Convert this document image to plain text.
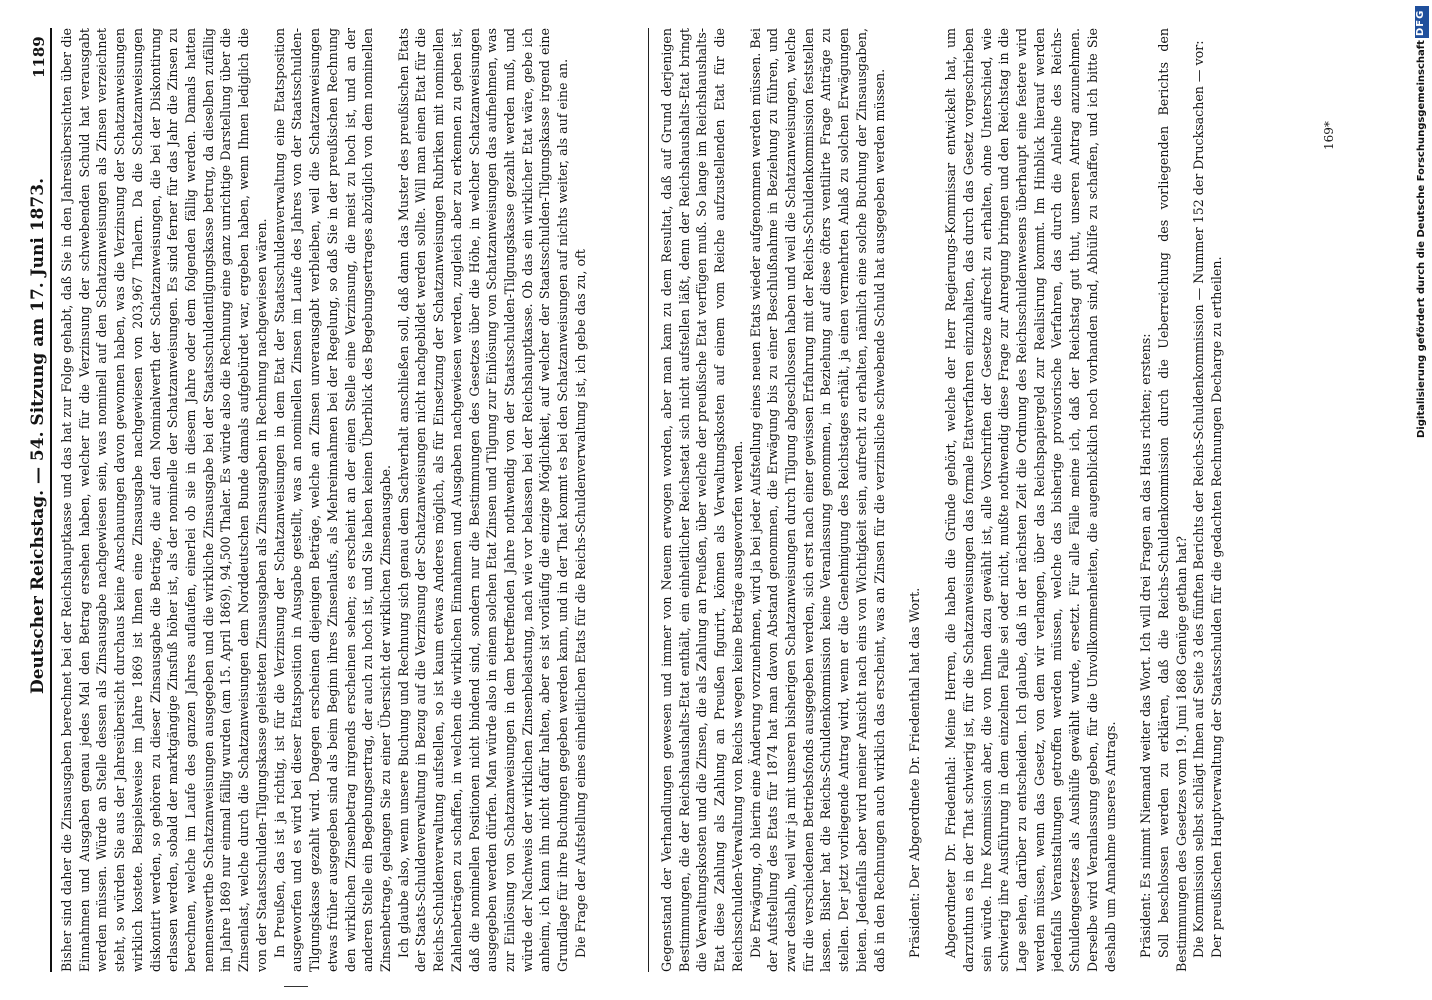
Deutscher Reichstag. — 54. Sitzung am 17. Juni 1873.
1189 Bisher sind daher die Zinsausgaben berechnet bei der Reichshauptkasse und das hat zur Folge gehabt, daß Sie in den Jahresübersichten über die Einnahmen und Ausgaben genau jedes Mal den Betrag ersehen haben, welcher für die Verzinsung der schwebenden Schuld hat verausgabt werden müssen. Würde an Stelle dessen als Zinsausgabe nachgewiesen sein, was nominell auf den Schatzanweisungen als Zinsen verzeichnet steht, so würden Sie aus der Jahresübersicht durchaus keine Anschauungen davon gewonnen haben, was die Verzinsung der Schatzanweisungen wirklich kostete. Beispielsweise im Jahre 1869 ist Ihnen eine Zinsausgabe nachgewiesen von 203,967 Thalern. Da die Schatzanweisungen diskontirt werden, so gehören zu dieser Zinsausgabe die Beträge, die auf den Nominalwerth der Schatzanweisungen, die bei der Diskontirung erlassen werden, sobald der marktgängige Zinsfuß höher ist, als der nominelle der Schatzanweisungen. Es sind ferner für das Jahr die Zinsen zu berechnen, welche im Laufe des ganzen Jahres auflaufen, einerlei ob sie in diesem Jahre oder dem folgenden fällig werden. Damals hatten nennenswerthe Schatzanweisungen ausgegeben und die wirkliche Zinsausgabe bei der Staatsschuldentilgungskasse betrug, da dieselben zufällig im Jahre 1869 nur einmal fällig wurden (am 15. April 1869), 94,500 Thaler. Es würde also die Rechnung eine ganz unrichtige Darstellung über die Zinsenlast, welche durch die Schatzanweisungen dem Norddeutschen Bunde damals aufgebürdet war, ergeben haben, wenn Ihnen lediglich die von der Staatsschulden-Tilgungskasse geleisteten Zinsausgaben als Zinsausgaben in Rechnung nachgewiesen wären. In Preußen, das ist ja richtig, ist für die Verzinsung der Schatzanweisungen in dem Etat der Staatsschuldenverwaltung eine Etatsposition ausgeworfen und es wird bei dieser Etatsposition in Ausgabe gestellt, was an nominellen Zinsen im Laufe des Jahres von der Staatsschulden-Tilgungskasse gezahlt wird. Dagegen erscheinen diejenigen Beträge, welche an Zinsen unverausgabt verbleiben, weil die Schatzanweisungen etwas früher ausgegeben sind als beim Beginn ihres Zinsenlaufs, als Mehreinnahmen bei der Regelung, so daß Sie in der preußischen Rechnung den wirklichen Zinsenbetrag nirgends erscheinen sehen; es erscheint an der einen Stelle eine Verzinsung, die meist zu hoch ist, und an der anderen Stelle ein Begebungsertrag, der auch zu hoch ist, und Sie haben keinen Überblick des Begebungsertrages abzüglich von dem nominellen Zinsenbetrage, gelangen Sie zu einer Übersicht der wirklichen Zinsenausgabe. Ich glaube also, wenn unsere Buchung und Rechnung sich genau dem Sachverhalt anschließen soll, daß dann das Muster des preußischen Etats der Staats-Schuldenverwaltung in Bezug auf die Verzinsung der Schatzanweisungen nicht nachgebildet werden sollte. Will man einen Etat für die Reichs-Schuldenverwaltung aufstellen, so ist kaum etwas Anderes möglich, als für Einsetzung der Schatzanweisungen Rubriken mit nominellen Zahlenbeträgen zu schaffen, in welchen die wirklichen Einnahmen und Ausgaben nachgewiesen werden, zugleich aber zu erkennen zu geben ist, daß die nominellen Positionen nicht bindend sind, sondern nur die Bestimmungen des Gesetzes über die Höhe, in welcher Schatzanweisungen ausgegeben werden dürfen. Man würde also in einem solchen Etat Zinsen und Tilgung zur Einlösung von Schatzanweisungen das aufnehmen, was zur Einlösung von Schatzanweisungen in dem betreffenden Jahre nothwendig von der Staatsschulden-Tilgungskasse gezahlt werden muß, und würde der Nachweis der wirklichen Zinsenbelastung, nach wie vor belassen bei der Reichshauptkasse. Ob das ein wirklicher Etat wäre, gebe ich anheim, ich kann ihn nicht dafür halten, aber es ist vorläufig die einzige Möglichkeit, auf welcher der Staatsschulden-Tilgungskasse irgend eine Grundlage für ihre Buchungen gegeben werden kann, und in der That kommt es bei den Schatzanweisungen auf nichts weiter, als auf eine an. Die Frage der Aufstellung eines einheitlichen Etats für die Reichs-Schuldenverwaltung ist, ich gebe das zu, oft	Gegenstand der Verhandlungen gewesen und immer von Neuem erwogen worden, aber man kam zu dem Resultat, daß auf Grund derjenigen Bestimmungen, die der Reichshaushalts-Etat enthält, ein einheitlicher Reichsetat sich nicht aufstellen läßt, denn der Reichshaushalts-Etat bringt die Verwaltungskosten und die Zinsen, die als Zahlung an Preußen, über welche der preußische Etat verfügen muß. So lange im Reichshaushalts-Etat diese Zahlung als Zahlung an Preußen figurirt, können als Verwaltungskosten auf einem vom Reiche aufzustellenden Etat für die Reichsschulden-Verwaltung von Reichs wegen keine Beträge ausgeworfen werden. Die Erwägung, ob hierin eine Änderung vorzunehmen, wird ja bei jeder Aufstellung eines neuen Etats wieder aufgenommen werden müssen. Bei der Aufstellung des Etats für 1874 hat man davon Abstand genommen, die Erwägung bis zu einer Beschlußnahme in Beziehung zu führen, und zwar deshalb, weil wir ja mit unseren bisherigen Schatzanweisungen durch Tilgung abgeschlossen haben und weil die Schatzanweisungen, welche für die verschiedenen Betriebsfonds ausgegeben werden, sich erst nach einer gewissen Erfahrung mit der Reichs-Schuldenkommission feststellen lassen. Bisher hat die Reichs-Schuldenkommission keine Veranlassung genommen, in Beziehung auf diese öfters ventilirte Frage Anträge zu stellen. Der jetzt vorliegende Antrag wird, wenn er die Genehmigung des Reichstages erhält, ja einen vermehrten Anlaß zu solchen Erwägungen bieten. Jedenfalls aber wird meiner Ansicht nach eins von Wichtigkeit sein, aufrecht zu erhalten, nämlich eine solche Buchung der Zinsausgaben, daß in den Rechnungen auch wirklich das erscheint, was an Zinsen für die verzinsliche schwebende Schuld hat ausgegeben werden müssen. Präsident: Der Abgeordnete Dr. Friedenthal hat das Wort. Abgeordneter Dr. Friedenthal: Meine Herren, die haben die Gründe gehört, welche der Herr Regierungs-Kommissar entwickelt hat, um darzuthun es in der That schwierig ist, für die Schatzanweisungen das formale Etatverfahren einzuhalten, das durch das Gesetz vorgeschrieben sein würde. Ihre Kommission aber, die von Ihnen dazu gewählt ist, alle Vorschriften der Gesetze aufrecht zu erhalten, ohne Unterschied, wie schwierig ihre Ausführung in dem einzelnen Falle sei oder nicht, mußte nothwendig diese Frage zur Anregung bringen und den Reichstag in die Lage sehen, darüber zu entscheiden. Ich glaube, daß in der nächsten Zeit die Ordnung des Reichsschuldenwesens überhaupt eine festere wird werden müssen, wenn das Gesetz, von dem wir verlangen, über das Reichspapiergeld zur Realisirung kommt. Im Hinblick hierauf werden jedenfalls Veranstaltungen getroffen werden müssen, welche das bisherige provisorische Verfahren, das durch die Anleihe des Reichs-Schuldengesetzes als Aushülfe gewählt wurde, ersetzt. Für alle Fälle meine ich, daß der Reichstag gut thut, unseren Antrag anzunehmen. Derselbe wird Veranlassung geben, für die Unvollkommenheiten, die augenblicklich noch vorhanden sind, Abhülfe zu schaffen, und ich bitte Sie deshalb um Annahme unseres Antrags. Präsident: Es nimmt Niemand weiter das Wort. Ich will drei Fragen an das Haus richten; erstens: Soll beschlossen werden zu erklären, daß die Reichs-Schuldenkommission durch die Ueberreichung des vorliegenden Berichts den Bestimmungen des Gesetzes vom 19. Juni 1868 Genüge gethan hat? Die Kommission selbst schlägt Ihnen auf Seite 3 des fünften Berichts der Reichs-Schuldenkommission — Nummer 152 der Drucksachen — vor: Der preußischen Hauptverwaltung der Staatsschulden für die gedachten Rechnungen Decharge zu ertheilen.

169*
DFG
Digitalisierung gefördert durch die Deutsche Forschungsgemeinschaft
